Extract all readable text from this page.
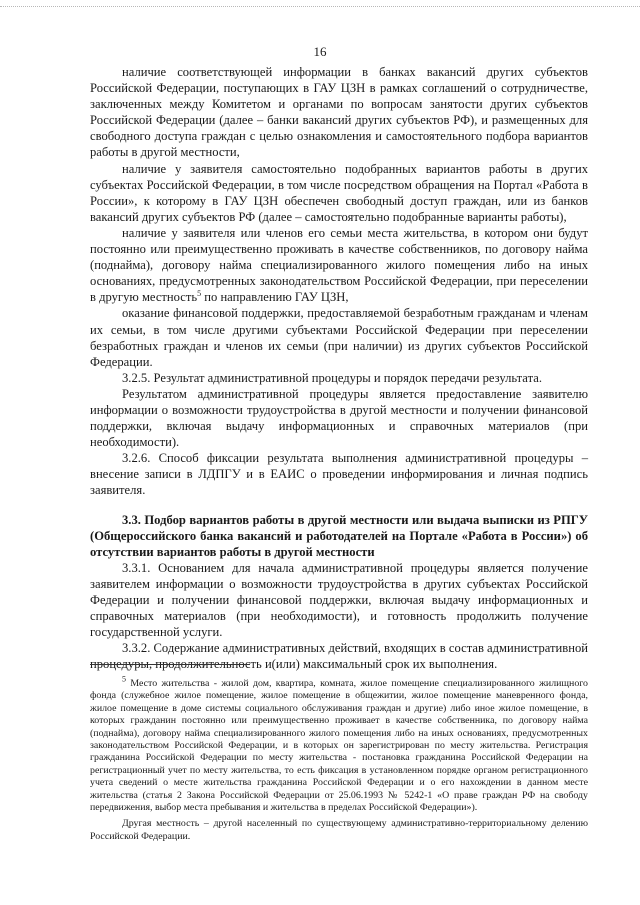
16

наличие соответствующей информации в банках вакансий других субъектов Российской Федерации, поступающих в ГАУ ЦЗН в рамках соглашений о сотрудничестве, заключенных между Комитетом и органами по вопросам занятости других субъектов Российской Федерации (далее – банки вакансий других субъектов РФ), и размещенных для свободного доступа граждан с целью ознакомления и самостоятельного подбора вариантов работы в другой местности,

наличие у заявителя самостоятельно подобранных вариантов работы в других субъектах Российской Федерации, в том числе посредством обращения на Портал «Работа в России», к которому в ГАУ ЦЗН обеспечен свободный доступ граждан, или из банков вакансий других субъектов РФ (далее – самостоятельно подобранные варианты работы),

наличие у заявителя или членов его семьи места жительства, в котором они будут постоянно или преимущественно проживать в качестве собственников, по договору найма (поднайма), договору найма специализированного жилого помещения либо на иных основаниях, предусмотренных законодательством Российской Федерации, при переселении в другую местность$^5$ по направлению ГАУ ЦЗН,

оказание финансовой поддержки, предоставляемой безработным гражданам и членам их семьи, в том числе другими субъектами Российской Федерации при переселении безработных граждан и членов их семьи (при наличии) из других субъектов Российской Федерации.

3.2.5. Результат административной процедуры и порядок передачи результата.

Результатом административной процедуры является предоставление заявителю информации о возможности трудоустройства в другой местности и получении финансовой поддержки, включая выдачу информационных и справочных материалов (при необходимости).

3.2.6. Способ фиксации результата выполнения административной процедуры – внесение записи в ЛДПГУ и в ЕАИС о проведении информирования и личная подпись заявителя.

3.3. Подбор вариантов работы в другой местности или выдача выписки из РПГУ (Общероссийского банка вакансий и работодателей на Портале «Работа в России») об отсутствии вариантов работы в другой местности

3.3.1. Основанием для начала административной процедуры является получение заявителем информации о возможности трудоустройства в других субъектах Российской Федерации и получении финансовой поддержки, включая выдачу информационных и справочных материалов (при необходимости), и готовность продолжить получение государственной услуги.

3.3.2. Содержание административных действий, входящих в состав административной процедуры, продолжительность и(или) максимальный срок их выполнения.

$^5$ Место жительства - жилой дом, квартира, комната, жилое помещение специализированного жилищного фонда (служебное жилое помещение, жилое помещение в общежитии, жилое помещение маневренного фонда, жилое помещение в доме системы социального обслуживания граждан и другие) либо иное жилое помещение, в которых гражданин постоянно или преимущественно проживает в качестве собственника, по договору найма (поднайма), договору найма специализированного жилого помещения либо на иных основаниях, предусмотренных законодательством Российской Федерации, и в которых он зарегистрирован по месту жительства. Регистрация гражданина Российской Федерации по месту жительства - постановка гражданина Российской Федерации на регистрационный учет по месту жительства, то есть фиксация в установленном порядке органом регистрационного учета сведений о месте жительства гражданина Российской Федерации и о его нахождении в данном месте жительства (статья 2 Закона Российской Федерации от 25.06.1993 № 5242-1 «О праве граждан РФ на свободу передвижения, выбор места пребывания и жительства в пределах Российской Федерации»).

Другая местность – другой населенный по существующему административно-территориальному делению Российской Федерации.
